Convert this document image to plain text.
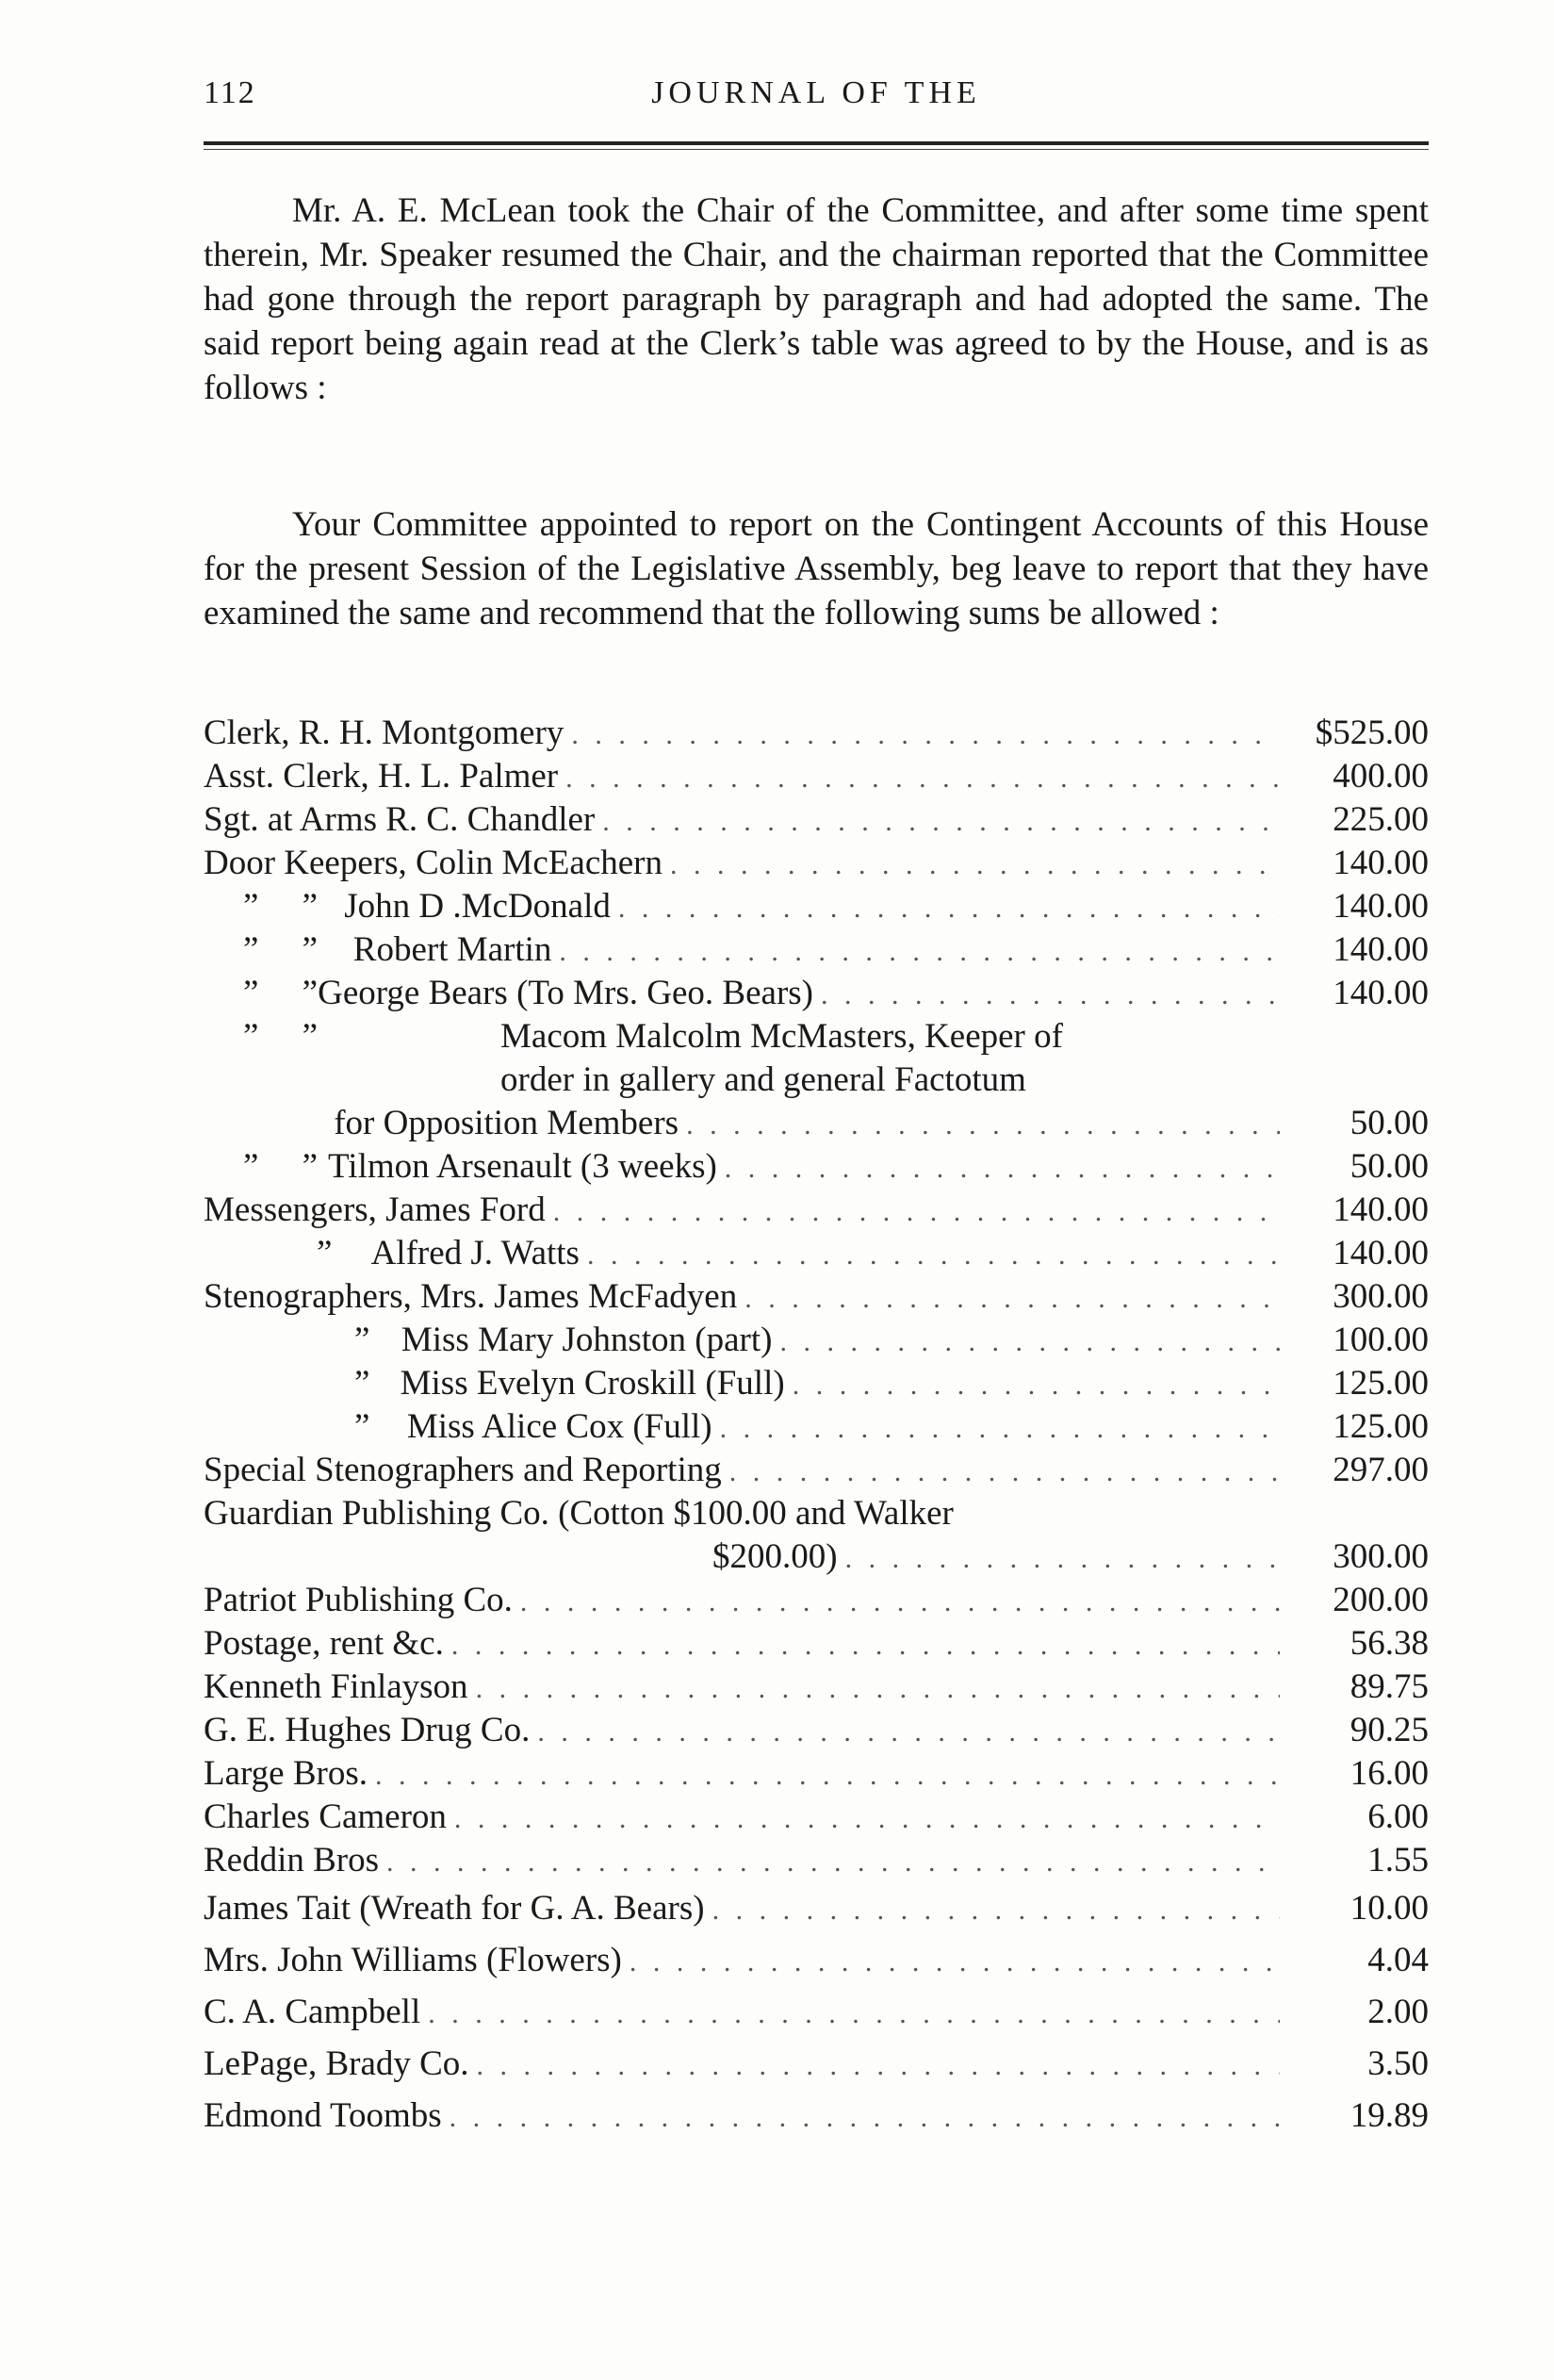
112	JOURNAL OF THE
Mr. A. E. McLean took the Chair of the Committee, and after some time spent therein, Mr. Speaker resumed the Chair, and the chairman reported that the Committee had gone through the report paragraph by paragraph and had adopted the same. The said report being again read at the Clerk’s table was agreed to by the House, and is as follows :
Your Committee appointed to report on the Contingent Accounts of this House for the present Session of the Legislative Assembly, beg leave to report that they have examined the same and recommend that the following sums be allowed :
Clerk, R. H. Montgomery . . .	$525.00
Asst. Clerk, H. L. Palmer . . .	400.00
Sgt. at Arms R. C. Chandler . . .	225.00
Door Keepers, Colin McEachern . . .	140.00
”     ” John D .McDonald . . .	140.00
”     ”	Robert Martin . . .	140.00
”     ” George Bears (To Mrs. Geo. Bears) . . .	140.00
”     ”	Macom Malcolm McMasters, Keeper of
order in gallery and general Factotum
for Opposition Members . . .	50.00
”     ” Tilmon Arsenault (3 weeks) . . .	50.00
Messengers, James Ford . . .	140.00
”	Alfred J. Watts . . .	140.00
Stenographers, Mrs. James McFadyen . . .	300.00
” Miss Mary Johnston (part) . . .	100.00
” Miss Evelyn Croskill (Full) . . .	125.00
”	Miss Alice Cox (Full) . . .	125.00
Special Stenographers and Reporting . . .	297.00
Guardian Publishing Co. (Cotton $100.00 and Walker
$200.00) . . .	300.00
Patriot Publishing Co. . . .	200.00
Postage, rent &c. . . .	56.38
Kenneth Finlayson . . .	89.75
G. E. Hughes Drug Co. . . .	90.25
Large Bros. . . .	16.00
Charles Cameron . . .	6.00
Reddin Bros . . .	1.55
James Tait (Wreath for G. A. Bears) . . .	10.00
Mrs. John Williams (Flowers) . . .	4.04
C. A. Campbell . . .	2.00
LePage, Brady Co. . . .	3.50
Edmond Toombs . . .	19.89
